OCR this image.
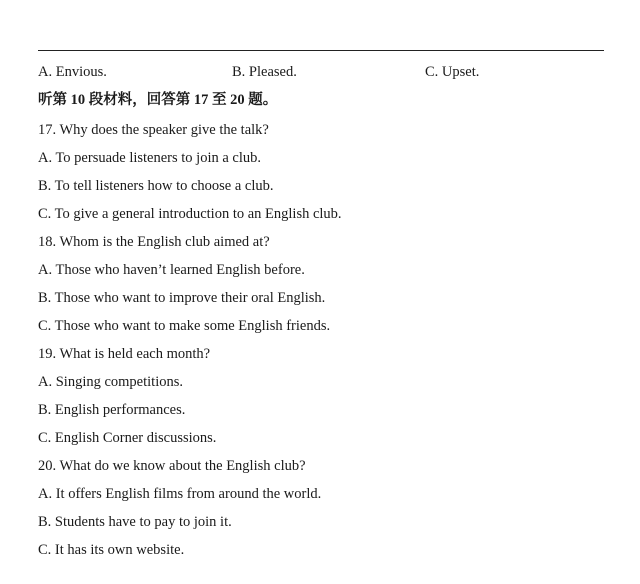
A. Envious.	B. Pleased.	C. Upset.
听第 10 段材料，回答第 17 至 20 题。
17. Why does the speaker give the talk?
A. To persuade listeners to join a club.
B. To tell listeners how to choose a club.
C. To give a general introduction to an English club.
18. Whom is the English club aimed at?
A. Those who haven’t learned English before.
B. Those who want to improve their oral English.
C. Those who want to make some English friends.
19. What is held each month?
A. Singing competitions.
B. English performances.
C. English Corner discussions.
20. What do we know about the English club?
A. It offers English films from around the world.
B. Students have to pay to join it.
C. It has its own website.
